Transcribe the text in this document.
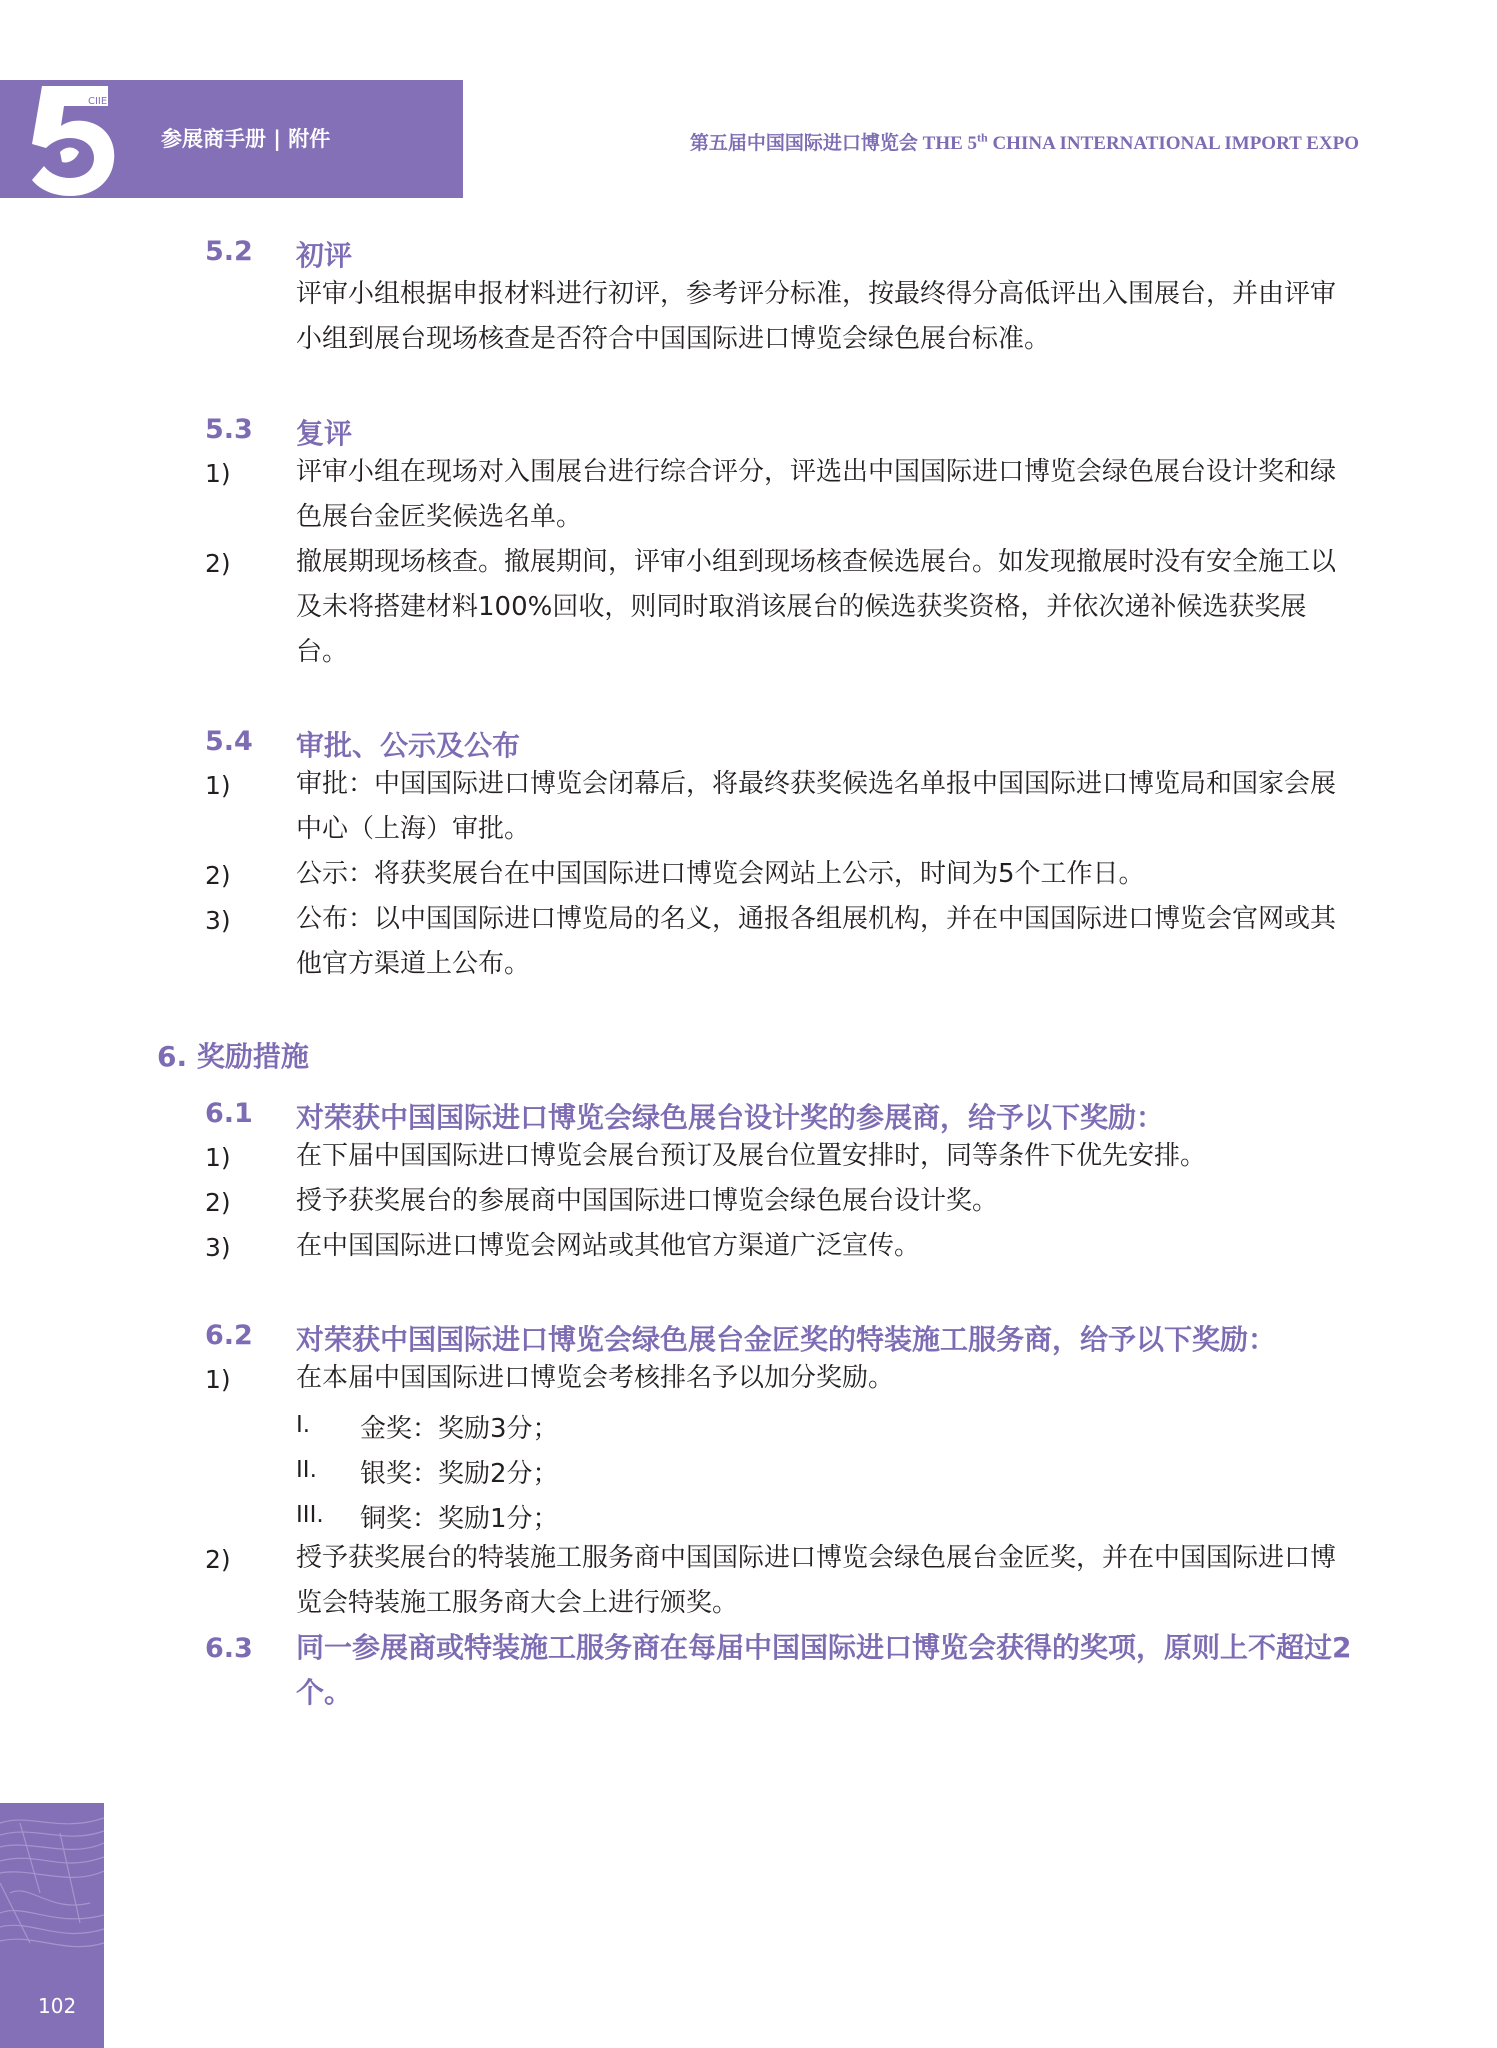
CIIE
参展商手册 | 附件	第五届中国国际进口博览会 THE 5th CHINA INTERNATIONAL IMPORT EXPO
5.2 初评
评审小组根据申报材料进行初评，参考评分标准，按最终得分高低评出入围展台，并由评审小组到展台现场核查是否符合中国国际进口博览会绿色展台标准。
5.3 复评
1)	评审小组在现场对入围展台进行综合评分，评选出中国国际进口博览会绿色展台设计奖和绿色展台金匠奖候选名单。
2)	撤展期现场核查。撤展期间，评审小组到现场核查候选展台。如发现撤展时没有安全施工以及未将搭建材料100%回收，则同时取消该展台的候选获奖资格，并依次递补候选获奖展台。
5.4 审批、公示及公布
1)	审批：中国国际进口博览会闭幕后，将最终获奖候选名单报中国国际进口博览局和国家会展中心（上海）审批。
2)	公示：将获奖展台在中国国际进口博览会网站上公示，时间为5个工作日。
3)	公布：以中国国际进口博览局的名义，通报各组展机构，并在中国国际进口博览会官网或其他官方渠道上公布。
6. 奖励措施
6.1 对荣获中国国际进口博览会绿色展台设计奖的参展商，给予以下奖励：
1)	在下届中国国际进口博览会展台预订及展台位置安排时，同等条件下优先安排。
2)	授予获奖展台的参展商中国国际进口博览会绿色展台设计奖。
3)	在中国国际进口博览会网站或其他官方渠道广泛宣传。
6.2 对荣获中国国际进口博览会绿色展台金匠奖的特装施工服务商，给予以下奖励：
1)	在本届中国国际进口博览会考核排名予以加分奖励。
I. 金奖：奖励3分；
II. 银奖：奖励2分；
III. 铜奖：奖励1分；
2)	授予获奖展台的特装施工服务商中国国际进口博览会绿色展台金匠奖，并在中国国际进口博览会特装施工服务商大会上进行颁奖。
6.3 同一参展商或特装施工服务商在每届中国国际进口博览会获得的奖项，原则上不超过2个。
102
